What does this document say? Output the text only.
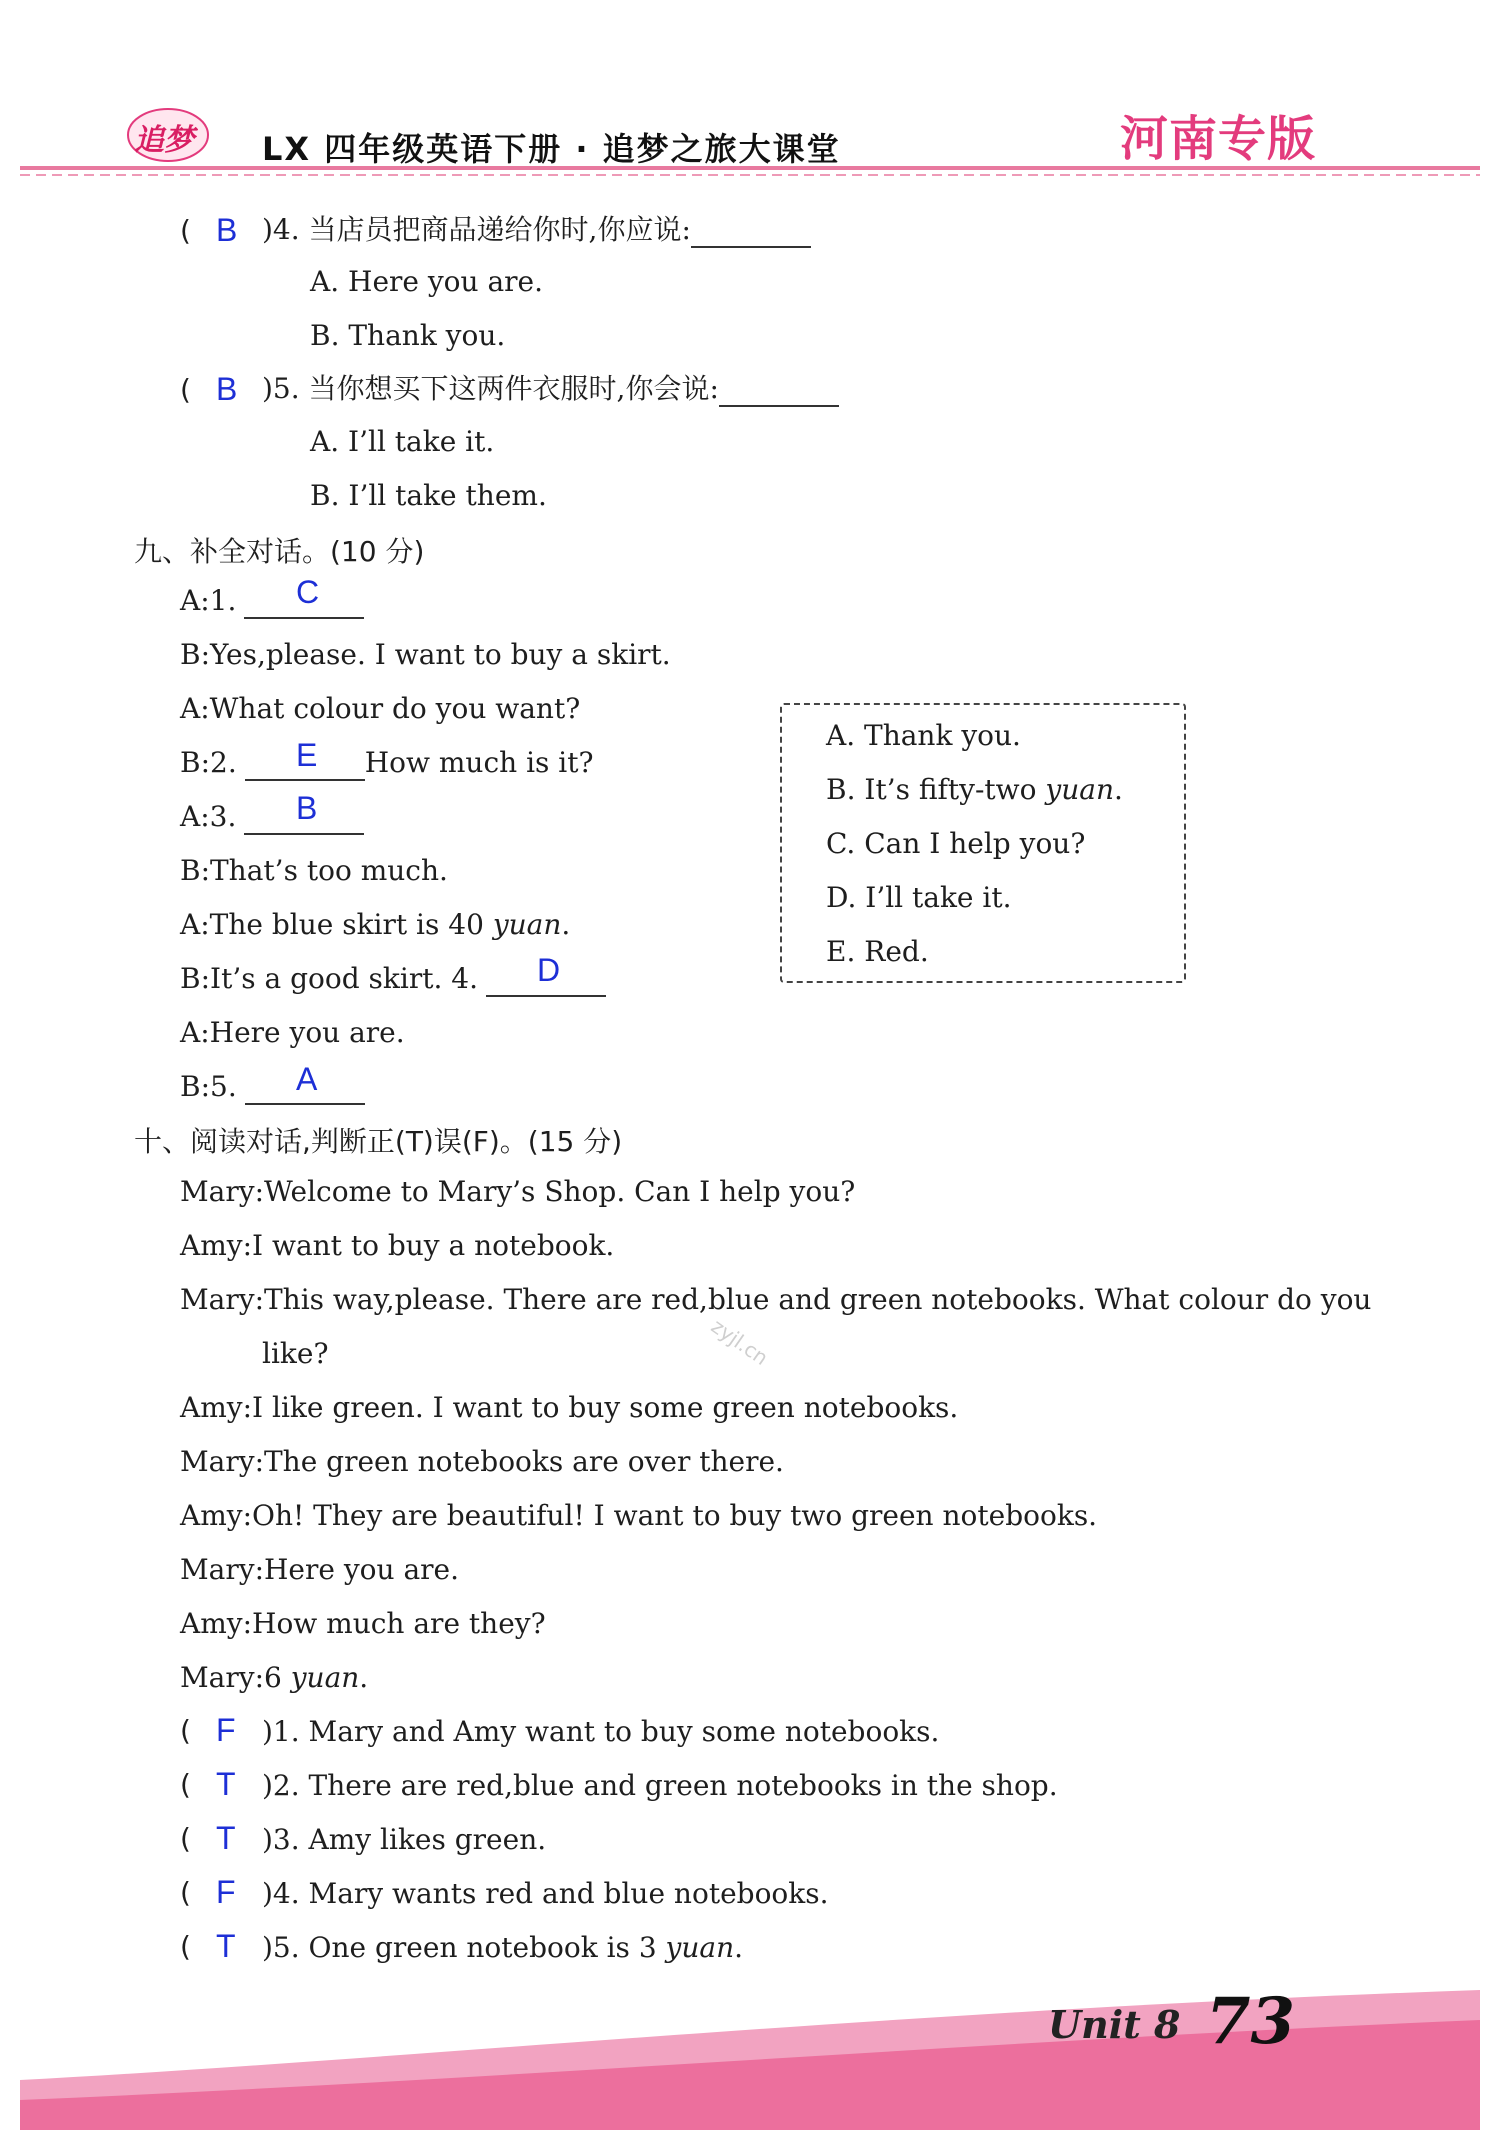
追梦 LX 四年级英语下册 · 追梦之旅大课堂	河南专版
( B )4. 当店员把商品递给你时,你应说:
A. Here you are.
B. Thank you.
( B )5. 当你想买下这两件衣服时,你会说:
A. I’ll take it.
B. I’ll take them.
九、补全对话。(10 分)
A:1.	C
B:Yes,please. I want to buy a skirt.
A:What colour do you want?
B:2.	How much is it?
E
A:3.	B
B:That’s too much.
A:The blue skirt is 40 yuan.
B:It’s a good skirt. 4.	D
A:Here you are.
B:5.	A
A. Thank you.
B. It’s fifty-two yuan.
C. Can I help you?
D. I’ll take it.
E. Red.
十、阅读对话,判断正(T)误(F)。(15 分)
Mary:Welcome to Mary’s Shop. Can I help you?
Amy:I want to buy a notebook.
Mary:This way,please. There are red,blue and green notebooks. What colour do you
like?
Amy:I like green. I want to buy some green notebooks.
Mary:The green notebooks are over there.
Amy:Oh! They are beautiful! I want to buy two green notebooks.
Mary:Here you are.
Amy:How much are they?
Mary:6 yuan.
( F )1. Mary and Amy want to buy some notebooks.
( T )2. There are red,blue and green notebooks in the shop.
( T )3. Amy likes green.
( F )4. Mary wants red and blue notebooks.
( T )5. One green notebook is 3 yuan.
zyjl.cn
Unit 8 73
